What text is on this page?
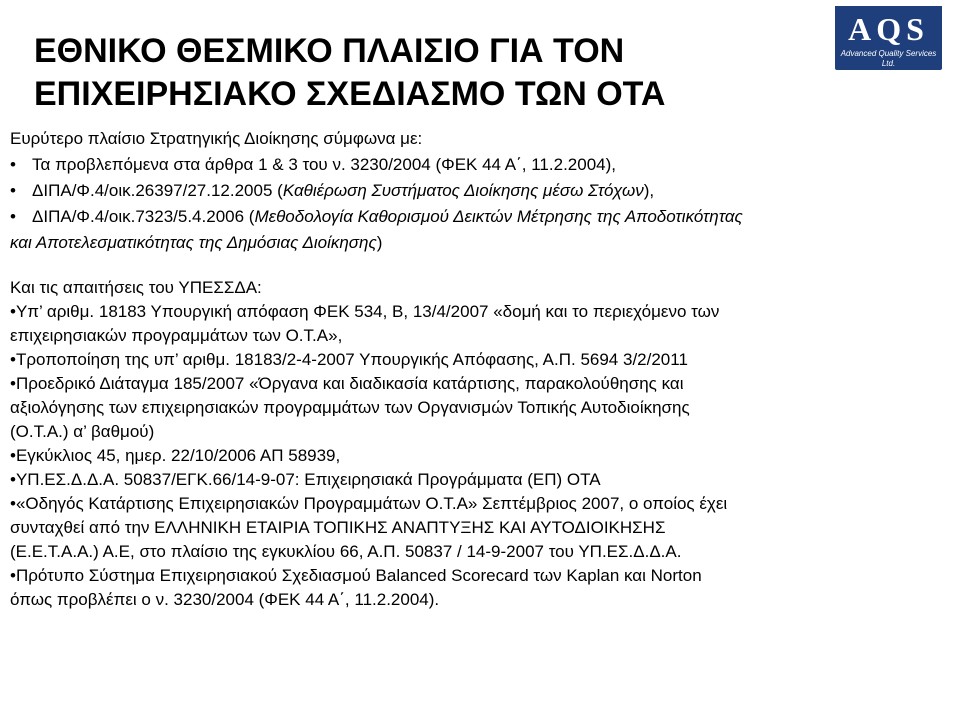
ΕΘΝΙΚΟ ΘΕΣΜΙΚΟ ΠΛΑΙΣΙΟ ΓΙΑ ΤΟΝ
ΕΠΙΧΕΙΡΗΣΙΑΚΟ ΣΧΕΔΙΑΣΜΟ ΤΩΝ ΟΤΑ
AQS
Advanced Quality Services Ltd.
ΣΥΜΒΟΥΛΟΙ ΕΠΙΧΕΙΡΗΣΕΩΝ
Ευρύτερο πλαίσιο Στρατηγικής Διοίκησης σύμφωνα με:
• Τα προβλεπόμενα στα άρθρα 1 & 3 του ν. 3230/2004 (ΦΕΚ 44 Α΄, 11.2.2004),
• ΔΙΠΑ/Φ.4/οικ.26397/27.12.2005 (Καθιέρωση Συστήματος Διοίκησης μέσω Στόχων),
• ΔΙΠΑ/Φ.4/οικ.7323/5.4.2006 (Μεθοδολογία Καθορισμού Δεικτών Μέτρησης της Αποδοτικότητας
και Αποτελεσματικότητας της Δημόσιας Διοίκησης)
Και τις απαιτήσεις του ΥΠΕΣΣΔΑ:
•Υπ’ αριθμ. 18183 Υπουργική απόφαση ΦΕΚ 534, Β, 13/4/2007 «δομή και το περιεχόμενο των
επιχειρησιακών προγραμμάτων των Ο.Τ.Α»,
•Τροποποίηση της υπ’ αριθμ. 18183/2-4-2007 Υπουργικής Απόφασης, Α.Π. 5694 3/2/2011
•Προεδρικό Διάταγμα 185/2007 «Όργανα και διαδικασία κατάρτισης, παρακολούθησης και
αξιολόγησης των επιχειρησιακών προγραμμάτων των Οργανισμών Τοπικής Αυτοδιοίκησης
(Ο.Τ.Α.) α’ βαθμού)
•Εγκύκλιος 45, ημερ. 22/10/2006 ΑΠ 58939,
•ΥΠ.ΕΣ.Δ.Δ.Α. 50837/ΕΓΚ.66/14-9-07: Επιχειρησιακά Προγράμματα (ΕΠ) ΟΤΑ
•«Οδηγός Κατάρτισης Επιχειρησιακών Προγραμμάτων Ο.Τ.Α» Σεπτέμβριος 2007, ο οποίος έχει
συνταχθεί από την ΕΛΛΗΝΙΚΗ ΕΤΑΙΡΙΑ ΤΟΠΙΚΗΣ ΑΝΑΠΤΥΞΗΣ ΚΑΙ ΑΥΤΟΔΙΟΙΚΗΣΗΣ
(Ε.Ε.Τ.Α.Α.) Α.Ε, στο πλαίσιο της εγκυκλίου 66, Α.Π. 50837 / 14-9-2007 του ΥΠ.ΕΣ.Δ.Δ.Α.
•Πρότυπο Σύστημα Επιχειρησιακού Σχεδιασμού Balanced Scorecard των Kaplan και Norton
όπως προβλέπει ο ν. 3230/2004 (ΦΕΚ 44 Α΄, 11.2.2004).
